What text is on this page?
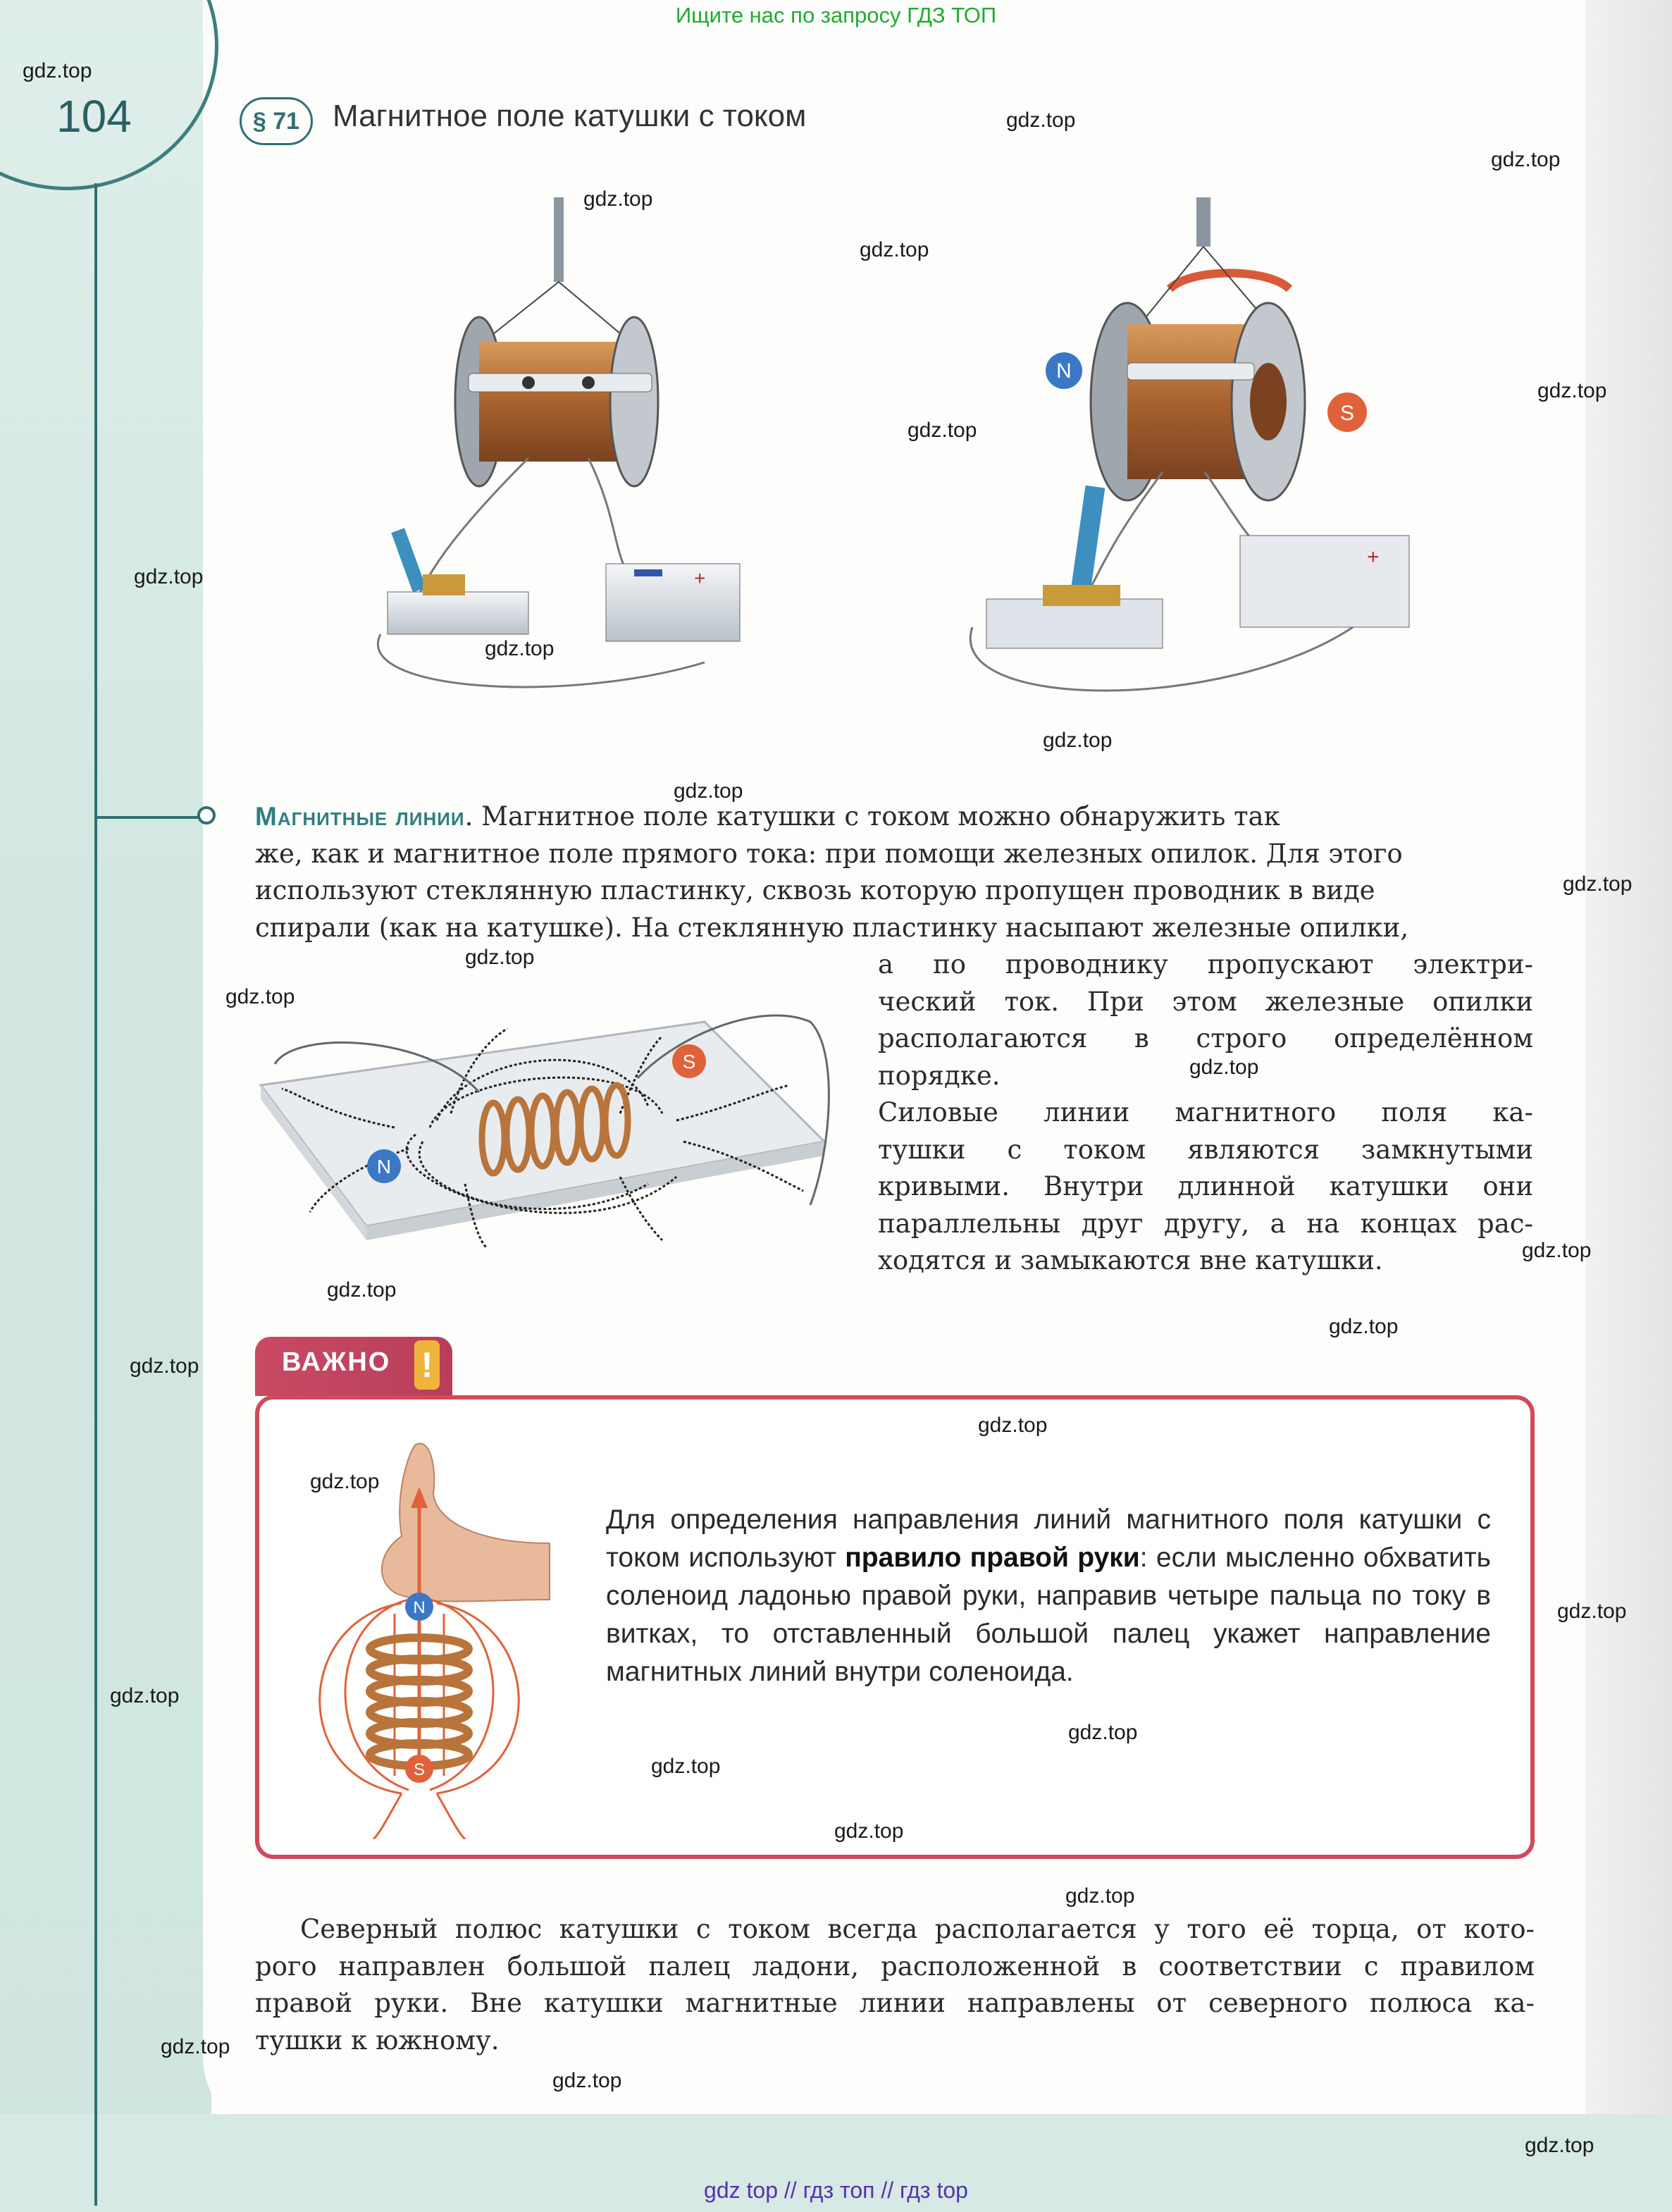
Ищите нас по запросу ГДЗ ТОП
104	§ 71	Магнитное поле катушки с током
+
N
S
+
Магнитные линии. Магнитное поле катушки с током можно обнаружить так
же, как и магнитное поле прямого тока: при помощи железных опилок. Для этого
используют стеклянную пластинку, сквозь которую пропущен проводник в виде
спирали (как на катушке). На стеклянную пластинку насыпают железные опилки,
а по проводнику пропускают электри-
ческий ток. При этом железные опилки
располагаются в строго определённом
порядке.
N
S
Силовые линии магнитного поля ка-
тушки с током являются замкнутыми
кривыми. Внутри длинной катушки они
параллельны друг другу, а на концах рас-
ходятся и замыкаются вне катушки.
ВАЖНО !
N
S
Для определения направления линий магнитного поля катушки с током используют правило правой руки: если мысленно обхватить соленоид ладонью правой руки, направив четыре пальца по току в витках, то отставленный большой палец укажет направление магнитных линий внутри соленоида.
Северный полюс катушки с током всегда располагается у того её торца, от кото-
рого направлен большой палец ладони, расположенной в соответствии с правилом
правой руки. Вне катушки магнитные линии направлены от северного полюса ка-
тушки к южному.
gdz.top
gdz.top
gdz.top
gdz.top
gdz.top
gdz.top
gdz.top
gdz.top
gdz.top
gdz.top
gdz.top
gdz.top
gdz.top
gdz.top
gdz.top
gdz.top
gdz.top
gdz.top
gdz.top
gdz.top
gdz.top
gdz.top
gdz.top
gdz.top
gdz.top
gdz.top
gdz.top
gdz.top
gdz.top
gdz.top
gdz top // гдз топ // гдз top
